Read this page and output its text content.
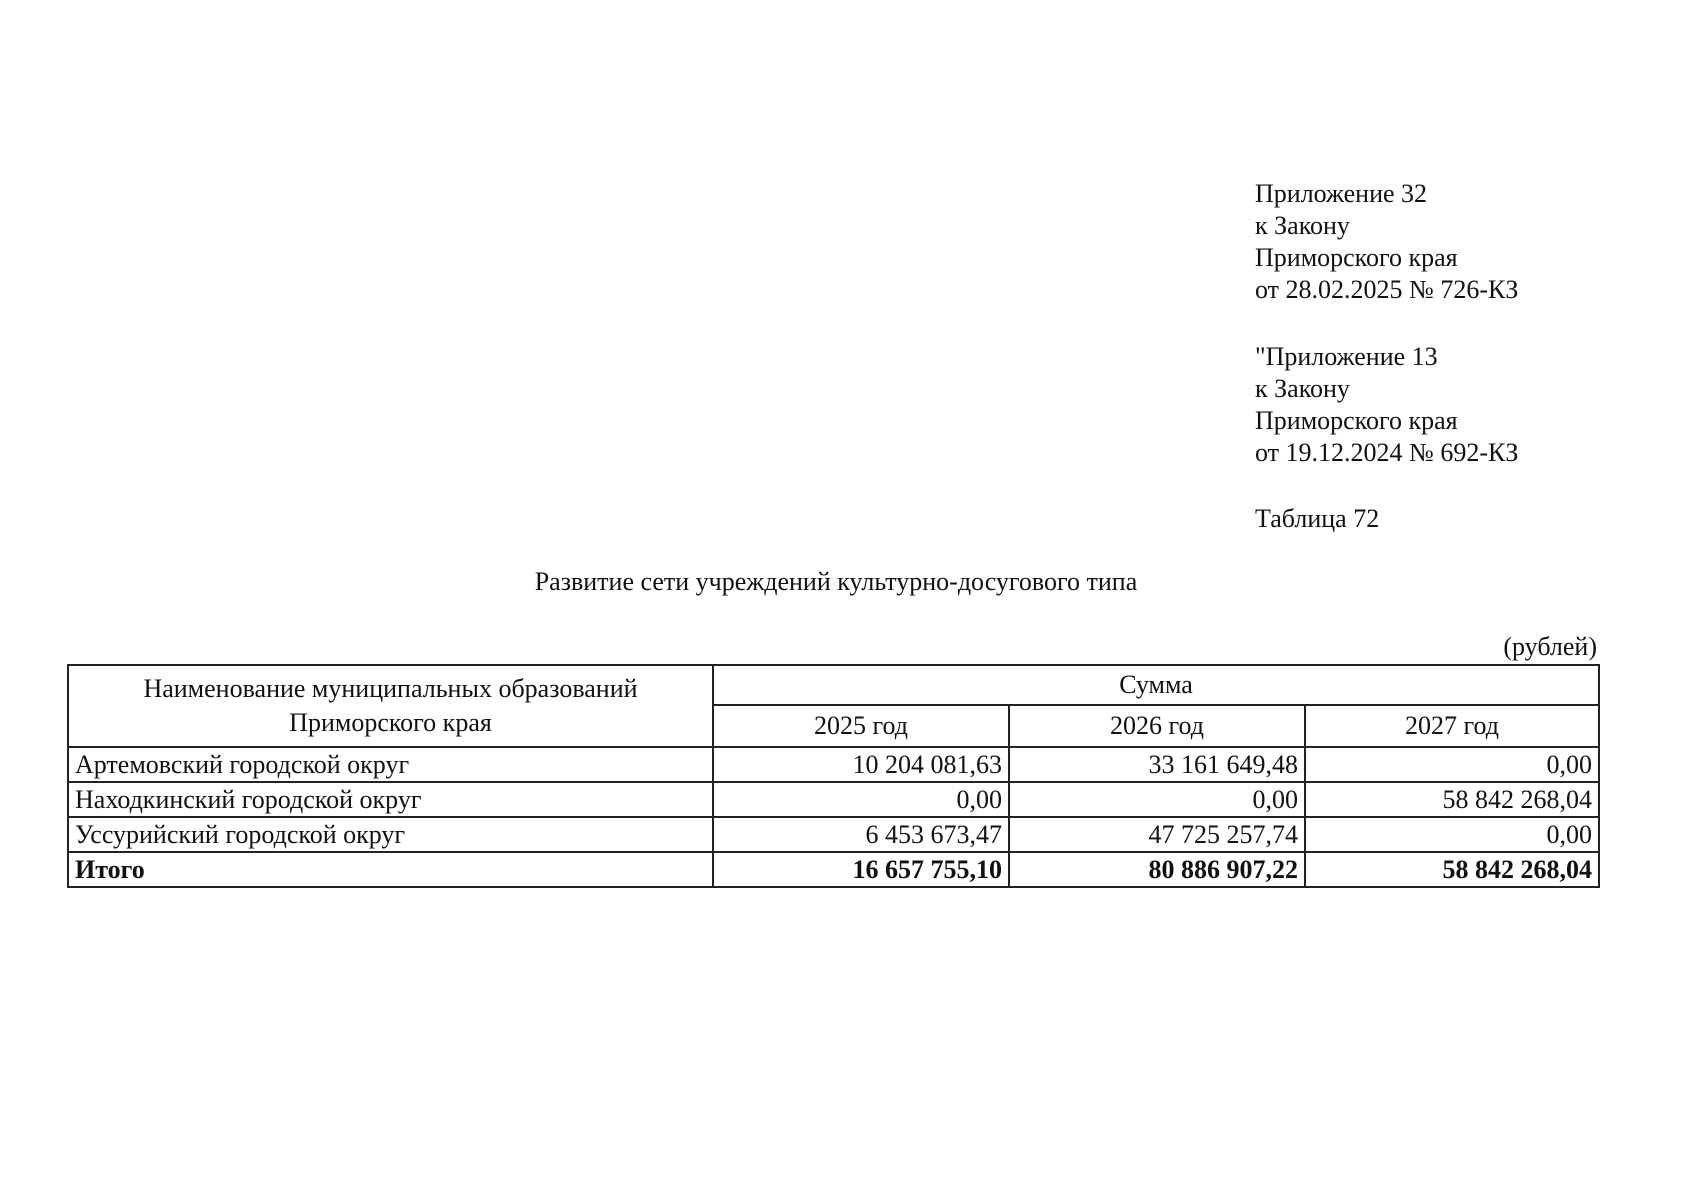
Приложение 32
к Закону
Приморского края
от 28.02.2025 № 726-КЗ
"Приложение 13
к Закону
Приморского края
от 19.12.2024 № 692-КЗ
Таблица 72
Развитие сети учреждений культурно-досугового типа
(рублей)
Наименование муниципальных образований
Приморского края	Сумма		
	2025 год	2026 год	2027 год
Артемовский городской округ	10 204 081,63	33 161 649,48	0,00
Находкинский городской округ	0,00	0,00	58 842 268,04
Уссурийский городской округ	6 453 673,47	47 725 257,74	0,00
Итого	16 657 755,10	80 886 907,22	58 842 268,04
